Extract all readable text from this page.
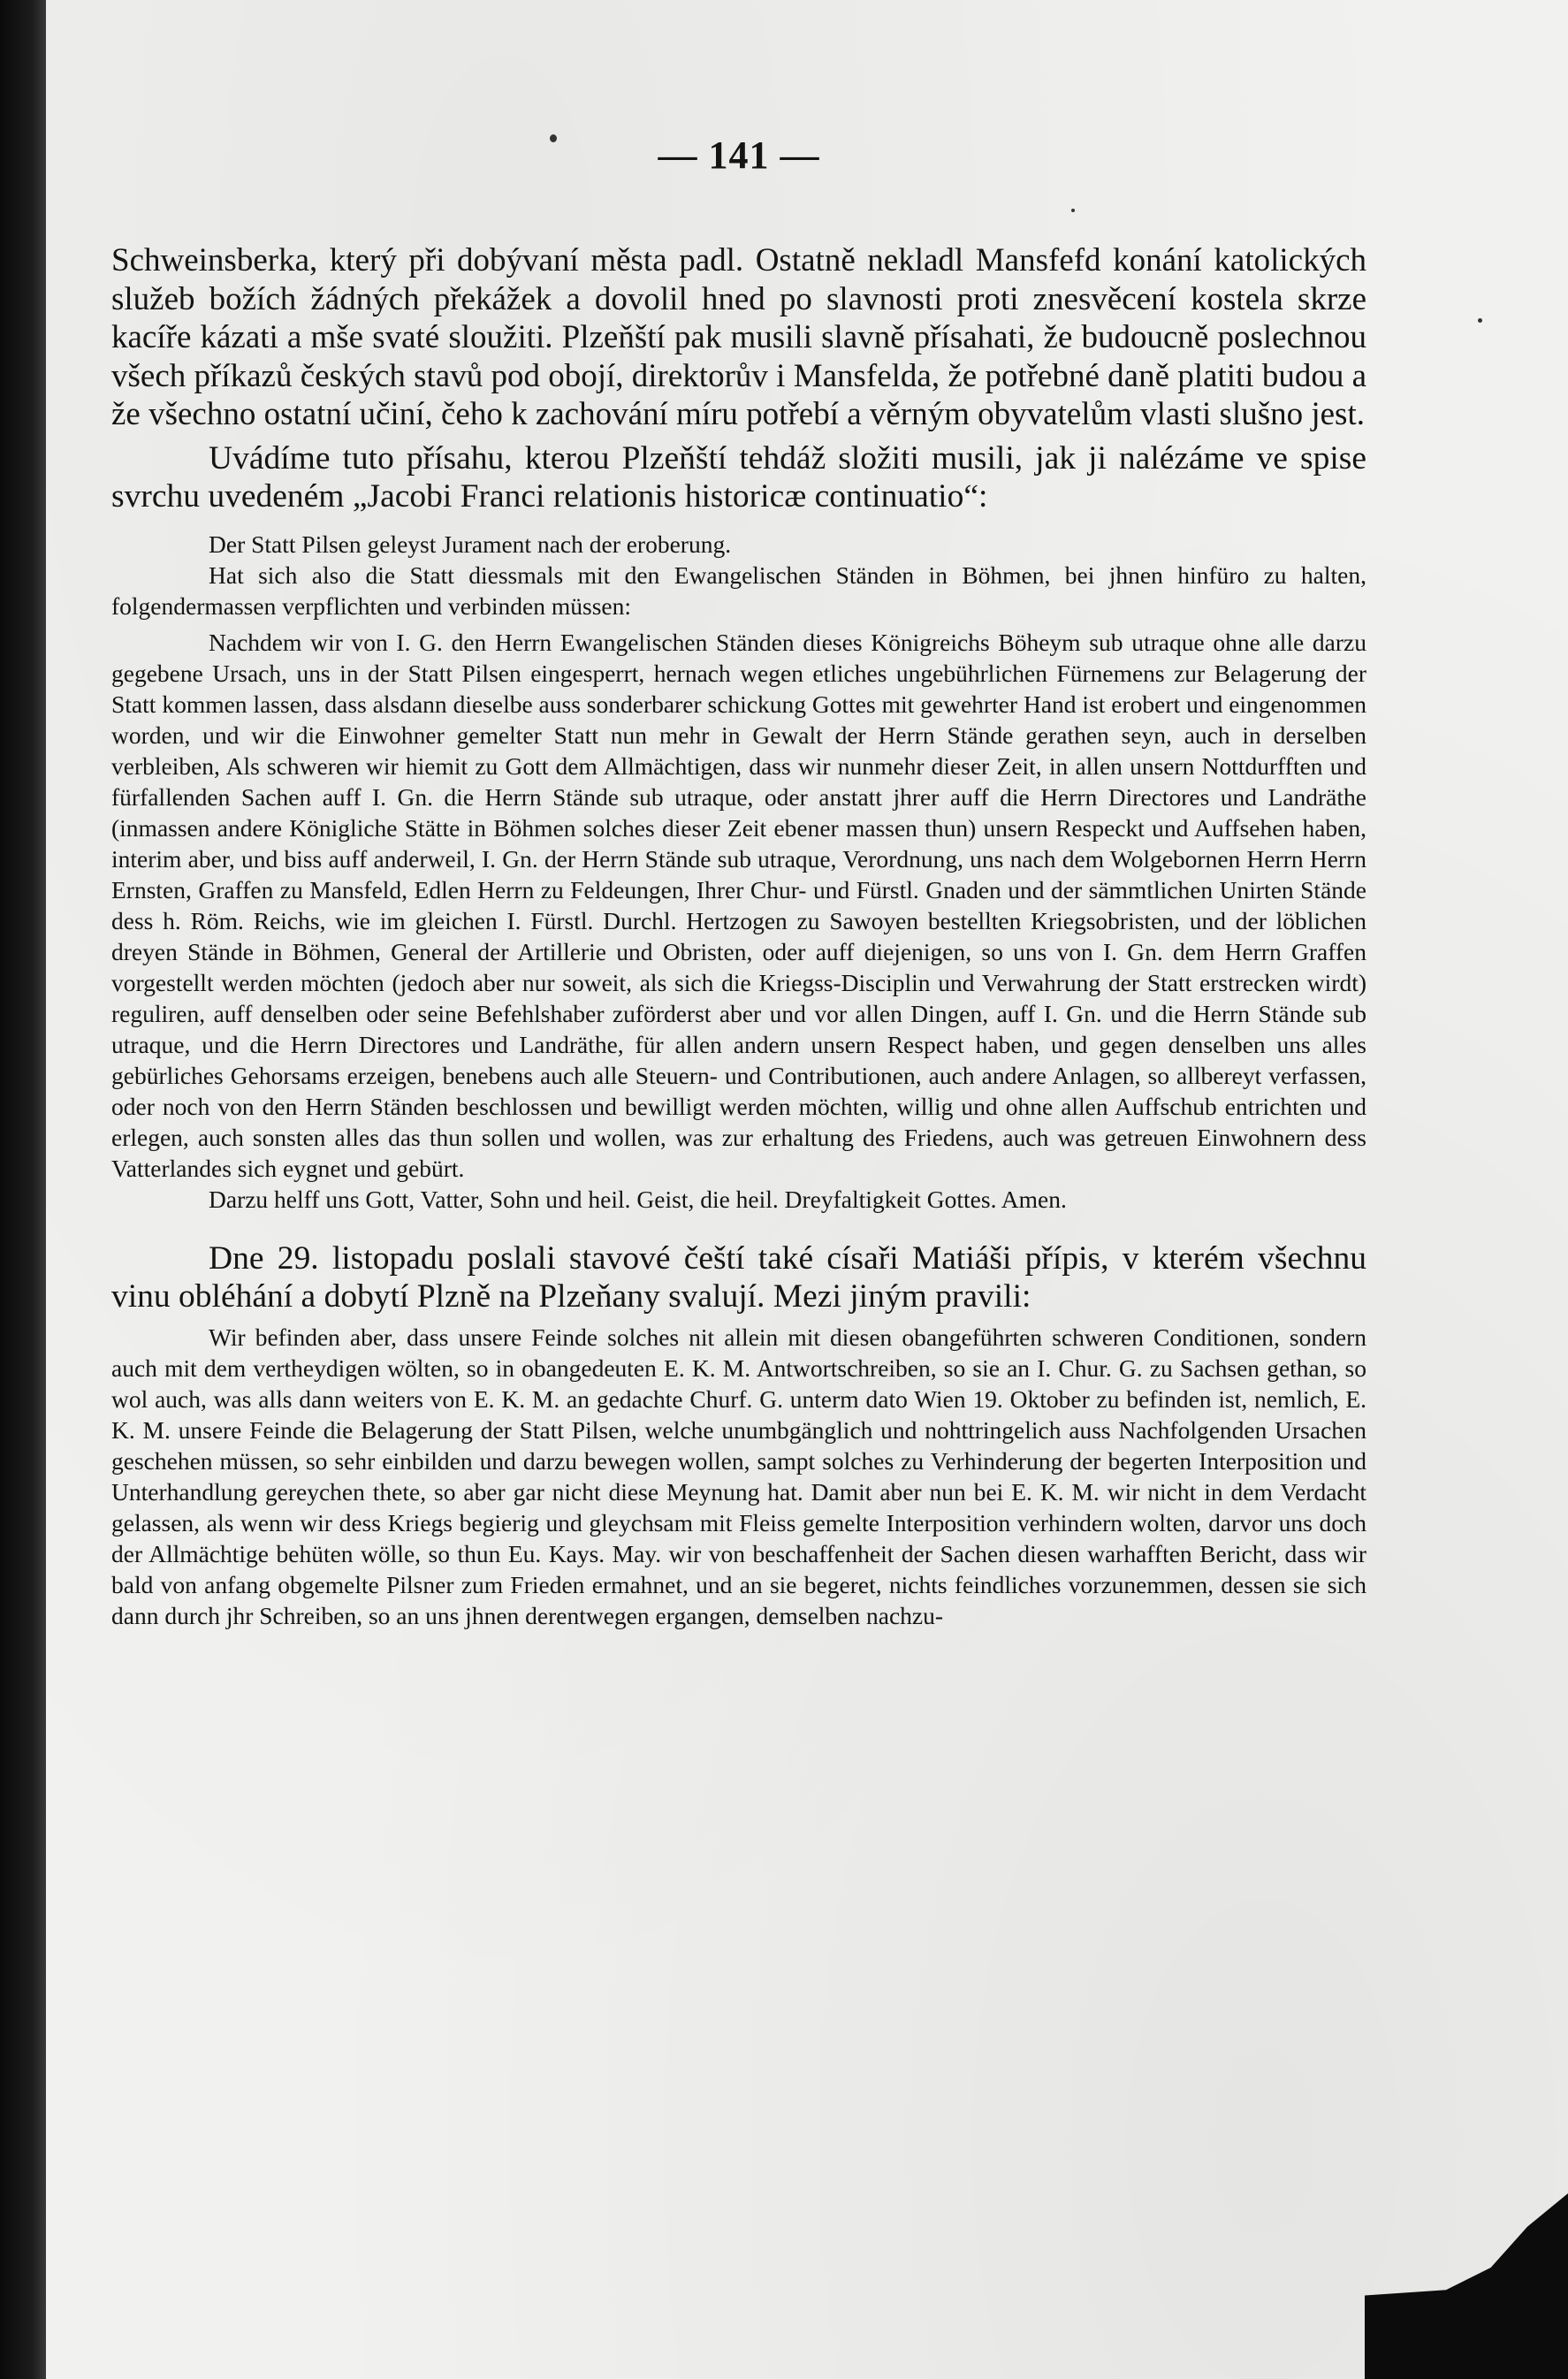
— 141 —

Schweinsberka, který při dobývaní města padl. Ostatně nekladl Mansfefd konání katolických služeb božích žádných překážek a dovolil hned po slavnosti proti znesvěcení kostela skrze kacíře kázati a mše svaté sloužiti. Plzeňští pak musili slavně přísahati, že budoucně poslechnou všech příkazů českých stavů pod obojí, direktorův i Mansfelda, že potřebné daně platiti budou a že všechno ostatní učiní, čeho k zachování míru potřebí a věrným obyvatelům vlasti slušno jest.

Uvádíme tuto přísahu, kterou Plzeňští tehdáž složiti musili, jak ji nalézáme ve spise svrchu uvedeném „Jacobi Franci relationis historicæ continuatio“:

Der Statt Pilsen geleyst Jurament nach der eroberung.

Hat sich also die Statt diessmals mit den Ewangelischen Ständen in Böhmen, bei jhnen hinfüro zu halten, folgendermassen verpflichten und verbinden müssen:

Nachdem wir von I. G. den Herrn Ewangelischen Ständen dieses Königreichs Böheym sub utraque ohne alle darzu gegebene Ursach, uns in der Statt Pilsen eingesperrt, hernach wegen etliches ungebührlichen Fürnemens zur Belagerung der Statt kommen lassen, dass alsdann dieselbe auss sonderbarer schickung Gottes mit gewehrter Hand ist erobert und eingenommen worden, und wir die Einwohner gemelter Statt nun mehr in Gewalt der Herrn Stände gerathen seyn, auch in derselben verbleiben, Als schweren wir hiemit zu Gott dem Allmächtigen, dass wir nunmehr dieser Zeit, in allen unsern Nottdurfften und fürfallenden Sachen auff I. Gn. die Herrn Stände sub utraque, oder anstatt jhrer auff die Herrn Directores und Landräthe (inmassen andere Königliche Stätte in Böhmen solches dieser Zeit ebener massen thun) unsern Respeckt und Auffsehen haben, interim aber, und biss auff anderweil, I. Gn. der Herrn Stände sub utraque, Verordnung, uns nach dem Wolgebornen Herrn Herrn Ernsten, Graffen zu Mansfeld, Edlen Herrn zu Feldeungen, Ihrer Chur- und Fürstl. Gnaden und der sämmtlichen Unirten Stände dess h. Röm. Reichs, wie im gleichen I. Fürstl. Durchl. Hertzogen zu Sawoyen bestellten Kriegsobristen, und der löblichen dreyen Stände in Böhmen, General der Artillerie und Obristen, oder auff diejenigen, so uns von I. Gn. dem Herrn Graffen vorgestellt werden möchten (jedoch aber nur soweit, als sich die Kriegss-Disciplin und Verwahrung der Statt erstrecken wirdt) reguliren, auff denselben oder seine Befehlshaber zuförderst aber und vor allen Dingen, auff I. Gn. und die Herrn Stände sub utraque, und die Herrn Directores und Landräthe, für allen andern unsern Respect haben, und gegen denselben uns alles gebürliches Gehorsams erzeigen, benebens auch alle Steuern- und Contributionen, auch andere Anlagen, so allbereyt verfassen, oder noch von den Herrn Ständen beschlossen und bewilligt werden möchten, willig und ohne allen Auffschub entrichten und erlegen, auch sonsten alles das thun sollen und wollen, was zur erhaltung des Friedens, auch was getreuen Einwohnern dess Vatterlandes sich eygnet und gebürt.

Darzu helff uns Gott, Vatter, Sohn und heil. Geist, die heil. Dreyfaltigkeit Gottes. Amen.

Dne 29. listopadu poslali stavové čeští také císaři Matiáši přípis, v kterém všechnu vinu obléhání a dobytí Plzně na Plzeňany svalují. Mezi jiným pravili:

Wir befinden aber, dass unsere Feinde solches nit allein mit diesen obangeführten schweren Conditionen, sondern auch mit dem vertheydigen wölten, so in obangedeuten E. K. M. Antwortschreiben, so sie an I. Chur. G. zu Sachsen gethan, so wol auch, was alls dann weiters von E. K. M. an gedachte Churf. G. unterm dato Wien 19. Oktober zu befinden ist, nemlich, E. K. M. unsere Feinde die Belagerung der Statt Pilsen, welche unumbgänglich und nohttringelich auss Nachfolgenden Ursachen geschehen müssen, so sehr einbilden und darzu bewegen wollen, sampt solches zu Verhinderung der begerten Interposition und Unterhandlung gereychen thete, so aber gar nicht diese Meynung hat. Damit aber nun bei E. K. M. wir nicht in dem Verdacht gelassen, als wenn wir dess Kriegs begierig und gleychsam mit Fleiss gemelte Interposition verhindern wolten, darvor uns doch der Allmächtige behüten wölle, so thun Eu. Kays. May. wir von beschaffenheit der Sachen diesen warhafften Bericht, dass wir bald von anfang obgemelte Pilsner zum Frieden ermahnet, und an sie begeret, nichts feindliches vorzunemmen, dessen sie sich dann durch jhr Schreiben, so an uns jhnen derentwegen ergangen, demselben nachzu-
